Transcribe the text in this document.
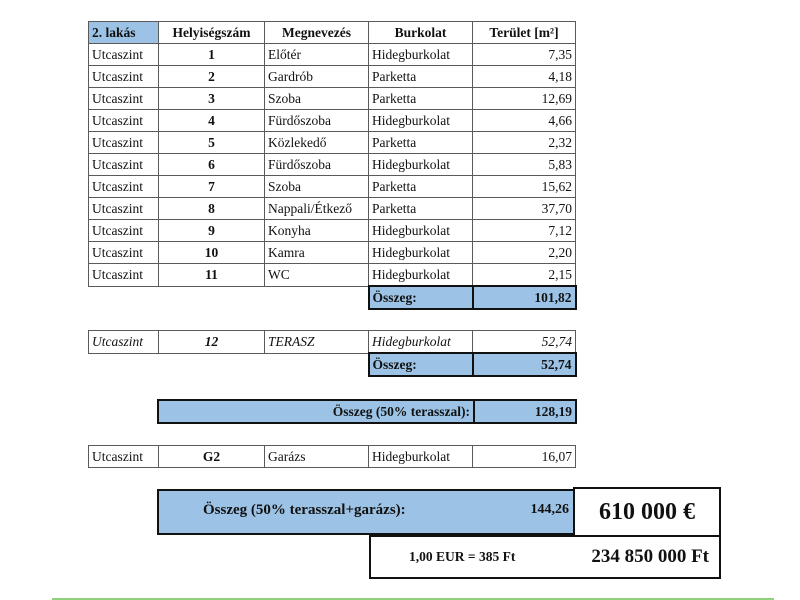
2. lakás	Helyiségszám	Megnevezés	Burkolat	Terület [m²]
Utcaszint	1	Előtér	Hidegburkolat	7,35
Utcaszint	2	Gardrób	Parketta	4,18
Utcaszint	3	Szoba	Parketta	12,69
Utcaszint	4	Fürdőszoba	Hidegburkolat	4,66
Utcaszint	5	Közlekedő	Parketta	2,32
Utcaszint	6	Fürdőszoba	Hidegburkolat	5,83
Utcaszint	7	Szoba	Parketta	15,62
Utcaszint	8	Nappali/Étkező	Parketta	37,70
Utcaszint	9	Konyha	Hidegburkolat	7,12
Utcaszint	10	Kamra	Hidegburkolat	2,20
Utcaszint	11	WC	Hidegburkolat	2,15
			Összeg:	101,82
Utcaszint	12	TERASZ	Hidegburkolat	52,74
			Összeg:	52,74
Összeg (50% terasszal):	128,19
Utcaszint	G2	Garázs	Hidegburkolat	16,07
Összeg (50% terasszal+garázs):	144,26	610 000 €
1,00 EUR = 385 Ft	234 850 000 Ft
